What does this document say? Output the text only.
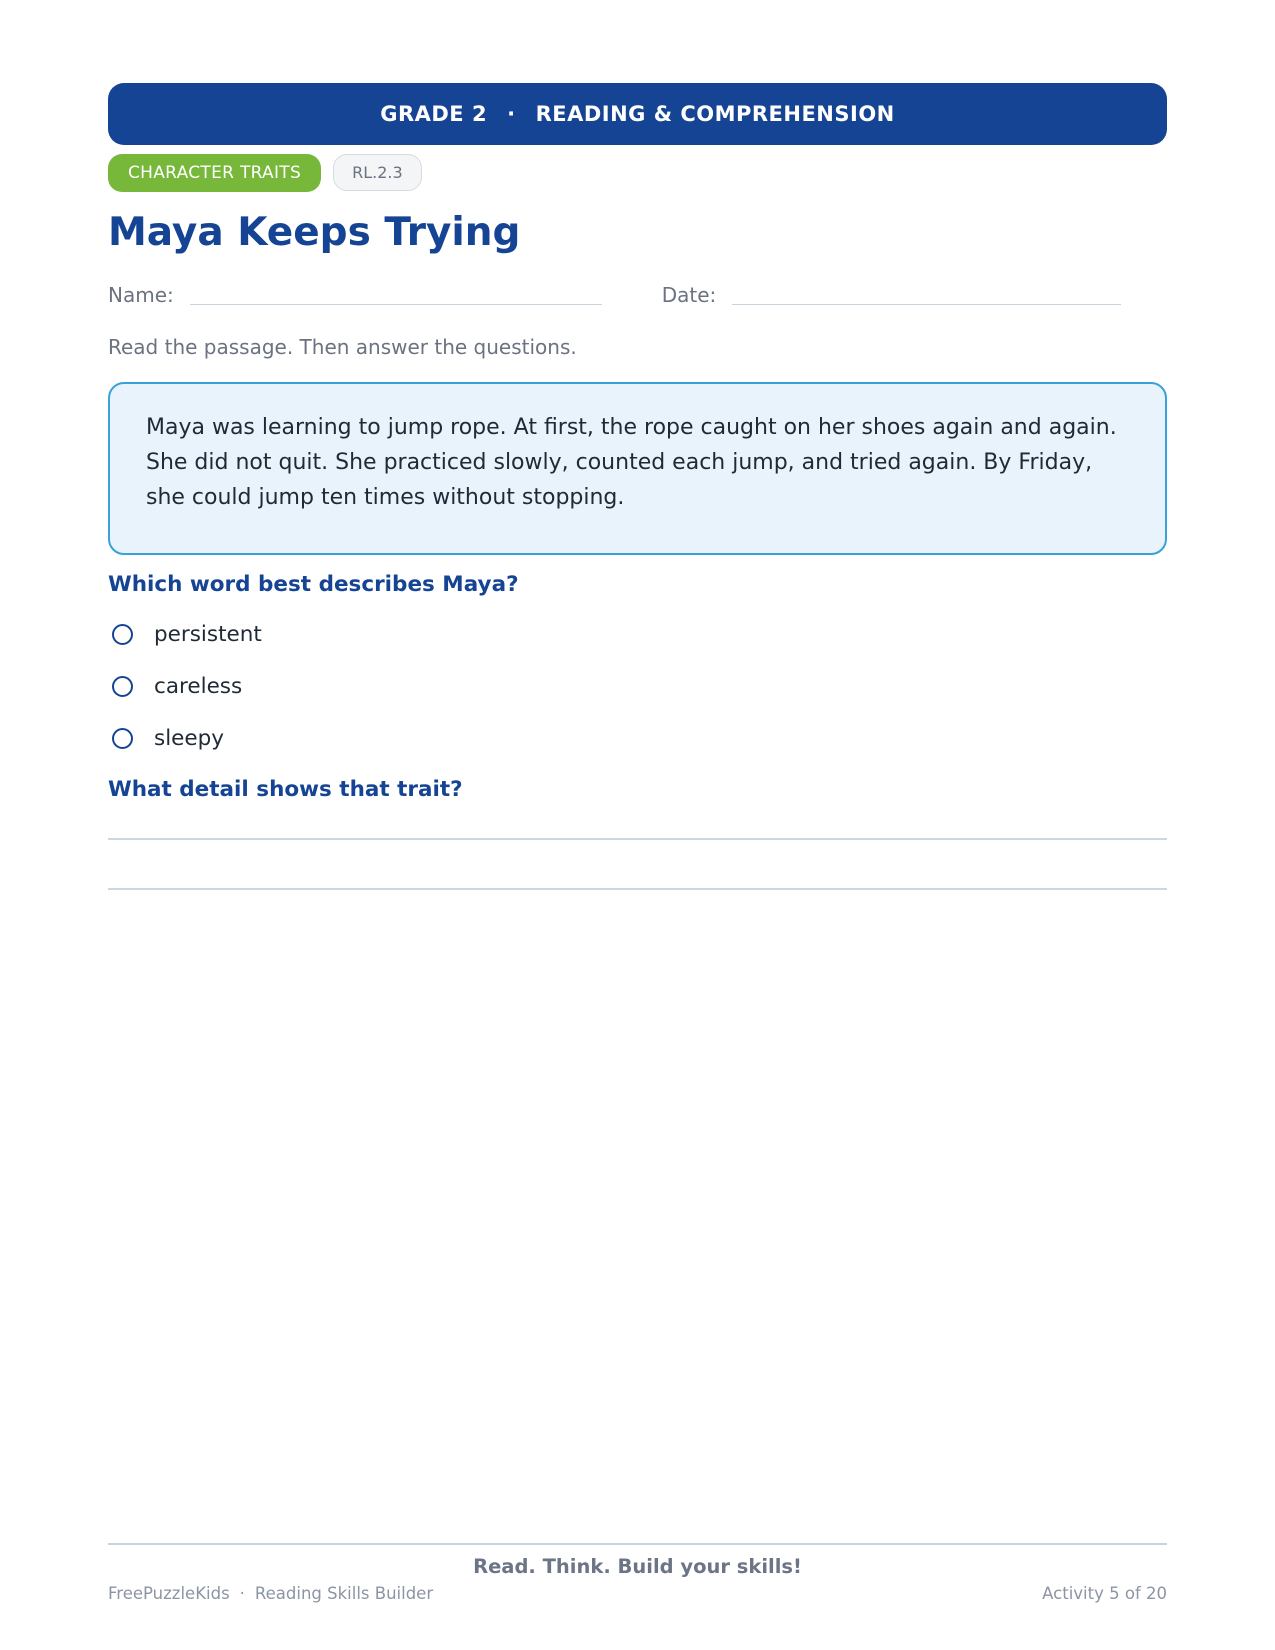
GRADE 2 · READING & COMPREHENSION
CHARACTER TRAITS	RL.2.3
Maya Keeps Trying
Name:	Date:
Read the passage. Then answer the questions.
Maya was learning to jump rope. At first, the rope caught on her shoes again and again. She did not quit. She practiced slowly, counted each jump, and tried again. By Friday, she could jump ten times without stopping.
Which word best describes Maya?
persistent
careless
sleepy
What detail shows that trait?
Read. Think. Build your skills!
FreePuzzleKids · Reading Skills Builder	Activity 5 of 20
